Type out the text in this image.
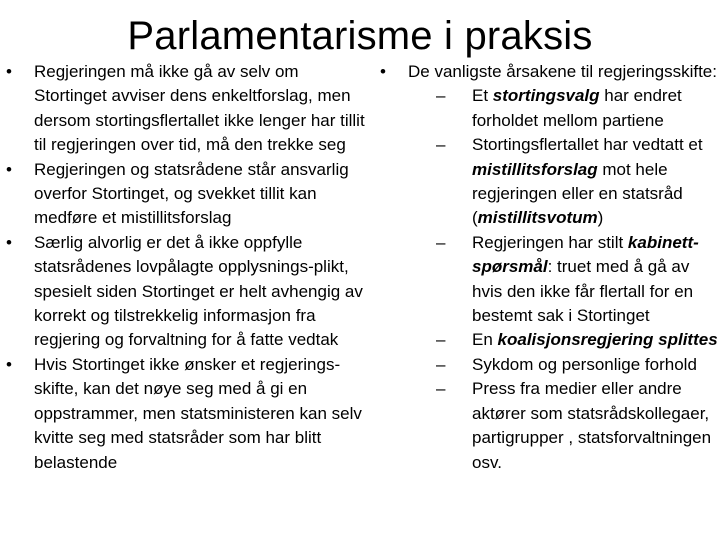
Parlamentarisme i praksis
• Regjeringen må ikke gå av selv om Stortinget avviser dens enkeltforslag, men dersom stortingsflertallet ikke lenger har tillit til regjeringen over tid, må den trekke seg
• Regjeringen og statsrådene står ansvarlig overfor Stortinget, og svekket tillit kan medføre et mistillitsforslag
• Særlig alvorlig er det å ikke oppfylle statsrådenes lovpålagte opplysnings-plikt, spesielt siden Stortinget er helt avhengig av korrekt og tilstrekkelig informasjon fra regjering og forvaltning for å fatte vedtak
• Hvis Stortinget ikke ønsker et regjerings-skifte, kan det nøye seg med å gi en oppstrammer, men statsministeren kan selv kvitte seg med statsråder som har blitt belastende
• De vanligste årsakene til regjeringsskifte:
– Et stortingsvalg har endret forholdet mellom partiene
– Stortingsflertallet har vedtatt et mistillitsforslag mot hele regjeringen eller en statsråd (mistillitsvotum)
– Regjeringen har stilt kabinett-spørsmål: truet med å gå av hvis den ikke får flertall for en bestemt sak i Stortinget
– En koalisjonsregjering splittes
– Sykdom og personlige forhold
– Press fra medier eller andre aktører som statsrådskollegaer, partigrupper , statsforvaltningen osv.
